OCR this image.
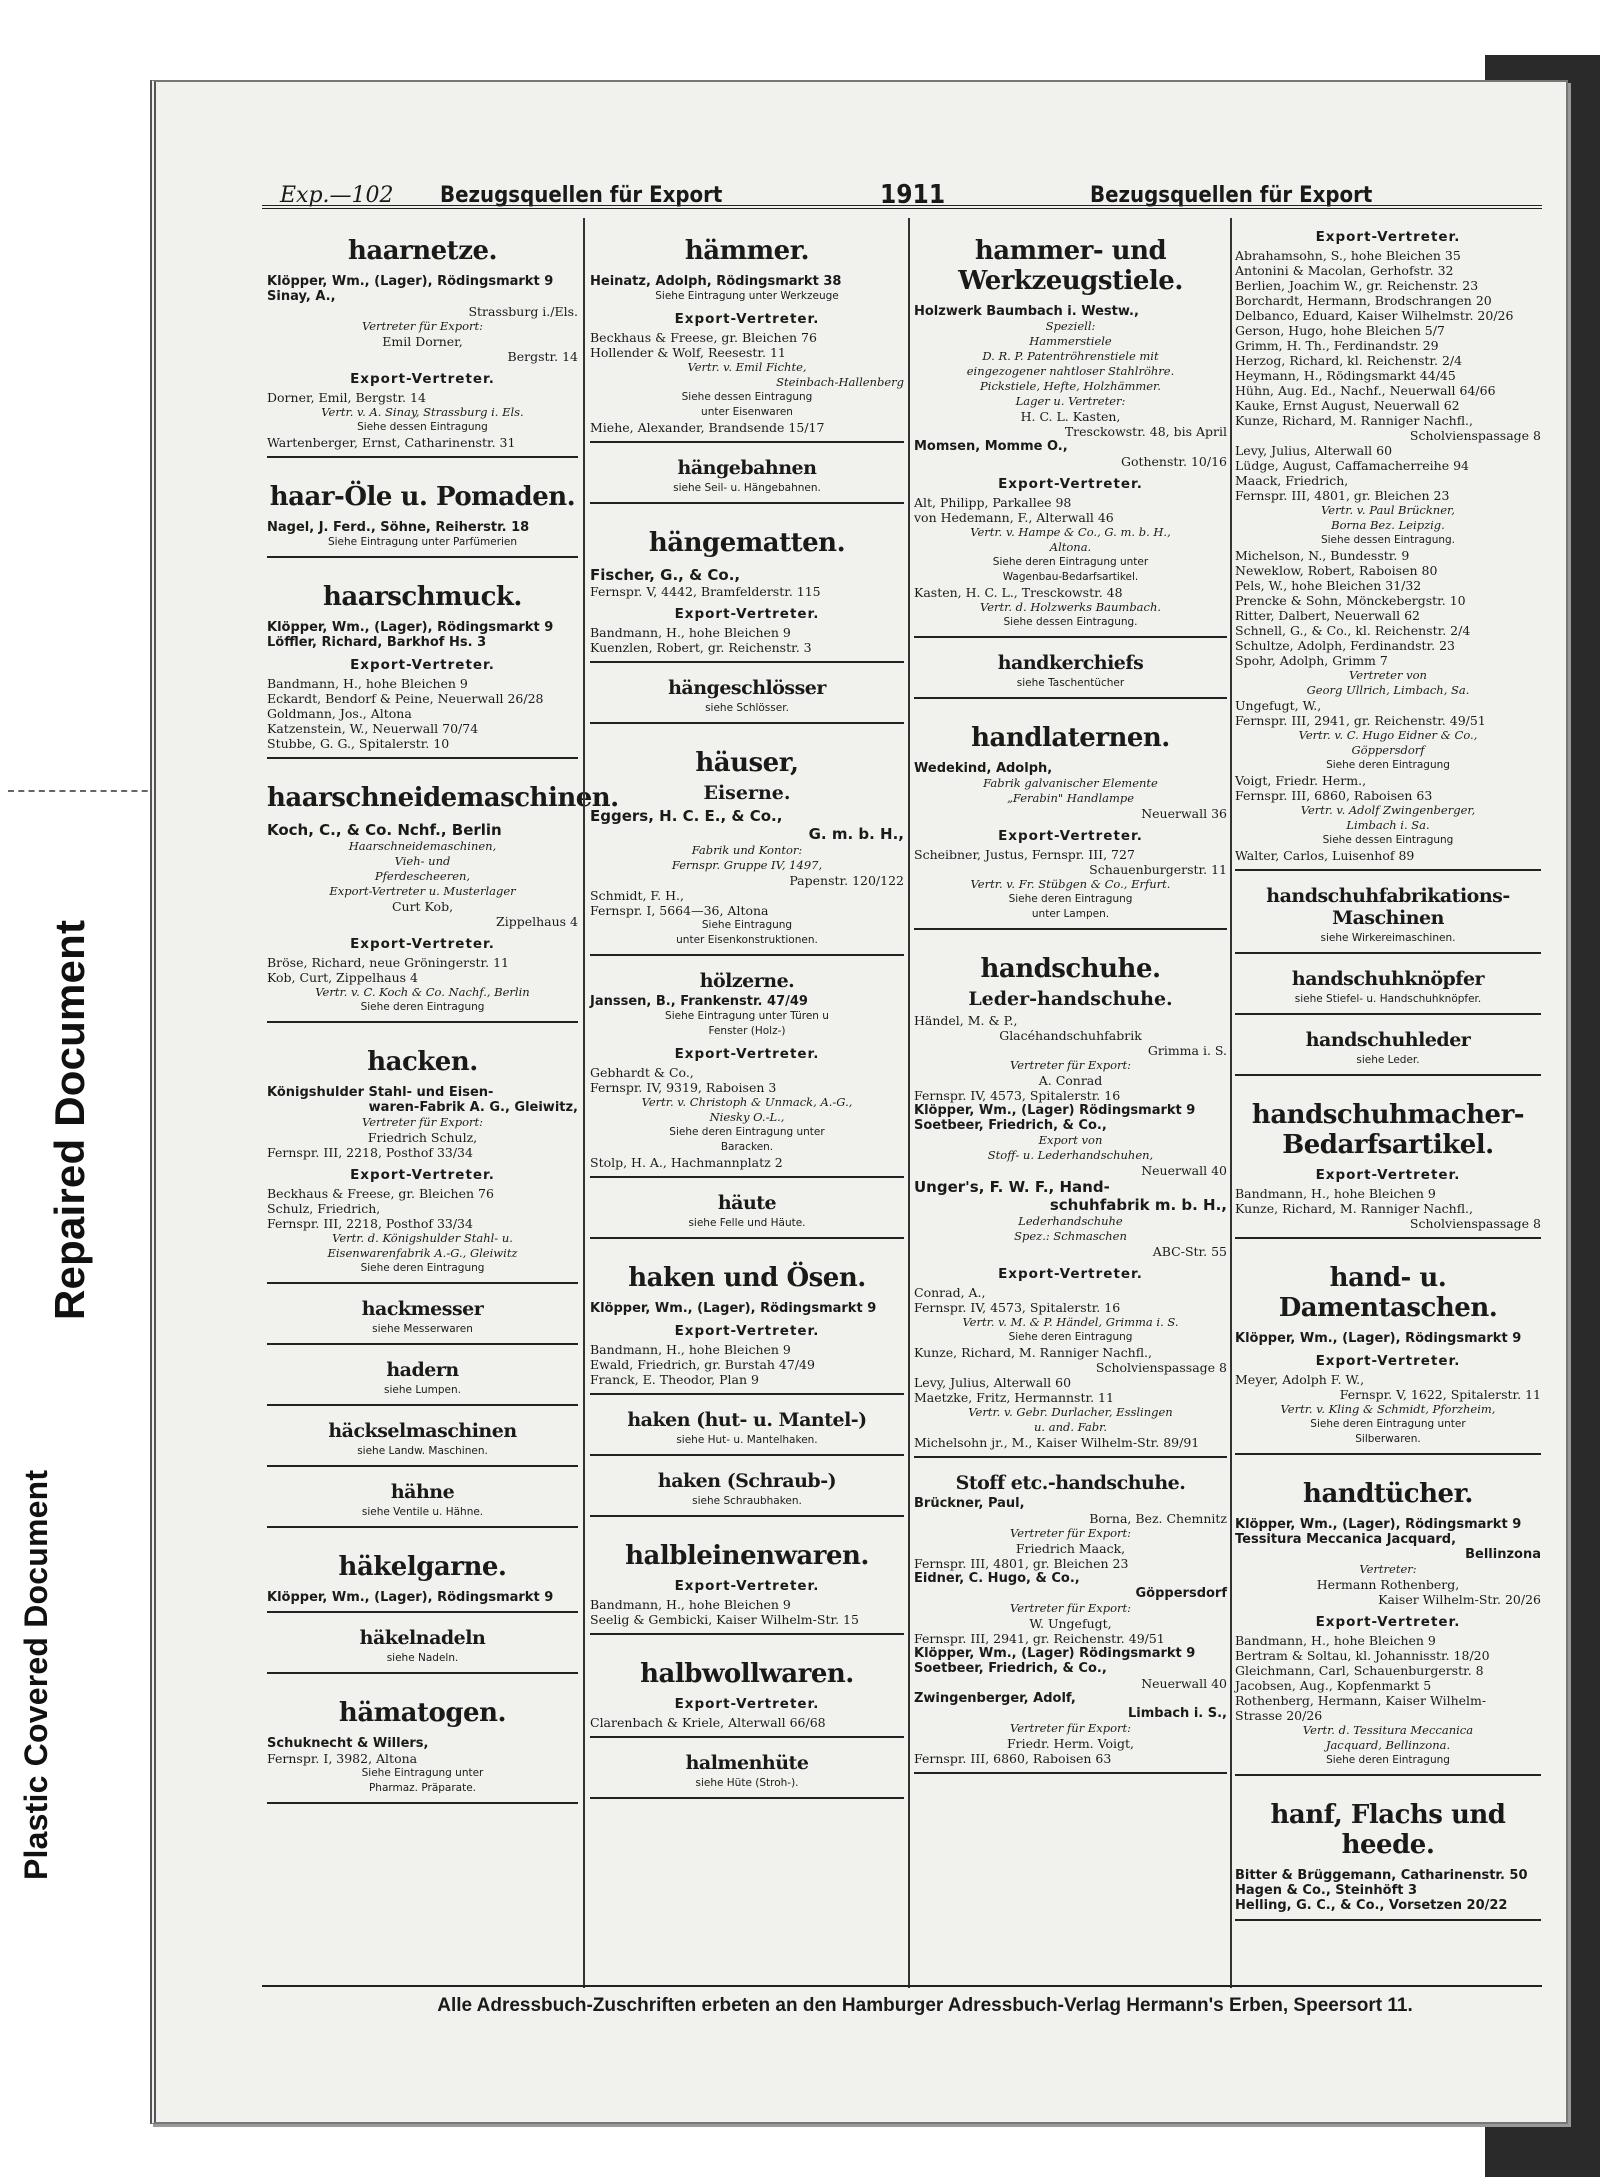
Plastic Covered Document
Repaired Document
Exp.—102	Bezugsquellen für Export	1911	Bezugsquellen für Export
haarnetze.
Klöpper, Wm., (Lager), Rödingsmarkt 9
Sinay, A.,
Strassburg i./Els.
Vertreter für Export:
Emil Dorner,
Bergstr. 14
Export-Vertreter.
Dorner, Emil, Bergstr. 14
Vertr. v. A. Sinay, Strassburg i. Els.
Siehe dessen Eintragung
Wartenberger, Ernst, Catharinenstr. 31
haar-Öle u. Pomaden.
Nagel, J. Ferd., Söhne, Reiherstr. 18
Siehe Eintragung unter Parfümerien
haarschmuck.
Klöpper, Wm., (Lager), Rödingsmarkt 9
Löffler, Richard, Barkhof Hs. 3
Export-Vertreter.
Bandmann, H., hohe Bleichen 9
Eckardt, Bendorf & Peine, Neuerwall 26/28
Goldmann, Jos., Altona
Katzenstein, W., Neuerwall 70/74
Stubbe, G. G., Spitalerstr. 10
haarschneidemaschinen.
Koch, C., & Co. Nchf., Berlin
Haarschneidemaschinen,
Vieh- und
Pferdescheeren,
Export-Vertreter u. Musterlager
Curt Kob,
Zippelhaus 4
Export-Vertreter.
Bröse, Richard, neue Gröningerstr. 11
Kob, Curt, Zippelhaus 4
Vertr. v. C. Koch & Co. Nachf., Berlin
Siehe deren Eintragung
hacken.
Königshulder Stahl- und Eisen-
waren-Fabrik A. G., Gleiwitz,
Vertreter für Export:
Friedrich Schulz,
Fernspr. III, 2218, Posthof 33/34
Export-Vertreter.
Beckhaus & Freese, gr. Bleichen 76
Schulz, Friedrich,
Fernspr. III, 2218, Posthof 33/34
Vertr. d. Königshulder Stahl- u.
Eisenwarenfabrik A.-G., Gleiwitz
Siehe deren Eintragung
hackmesser
siehe Messerwaren
hadern
siehe Lumpen.
häckselmaschinen
siehe Landw. Maschinen.
hähne
siehe Ventile u. Hähne.
häkelgarne.
Klöpper, Wm., (Lager), Rödingsmarkt 9
häkelnadeln
siehe Nadeln.
hämatogen.
Schuknecht & Willers,
Fernspr. I, 3982, Altona
Siehe Eintragung unter
Pharmaz. Präparate.
hämmer.
Heinatz, Adolph, Rödingsmarkt 38
Siehe Eintragung unter Werkzeuge
Export-Vertreter.
Beckhaus & Freese, gr. Bleichen 76
Hollender & Wolf, Reesestr. 11
Vertr. v. Emil Fichte,
Steinbach-Hallenberg
Siehe dessen Eintragung
unter Eisenwaren
Miehe, Alexander, Brandsende 15/17
hängebahnen
siehe Seil- u. Hängebahnen.
hängematten.
Fischer, G., & Co.,
Fernspr. V, 4442, Bramfelderstr. 115
Export-Vertreter.
Bandmann, H., hohe Bleichen 9
Kuenzlen, Robert, gr. Reichenstr. 3
hängeschlösser
siehe Schlösser.
häuser,
Eiserne.
Eggers, H. C. E., & Co.,
G. m. b. H.,
Fabrik und Kontor:
Fernspr. Gruppe IV, 1497,
Papenstr. 120/122
Schmidt, F. H.,
Fernspr. I, 5664—36, Altona
Siehe Eintragung
unter Eisenkonstruktionen.
hölzerne.
Janssen, B., Frankenstr. 47/49
Siehe Eintragung unter Türen u
Fenster (Holz-)
Export-Vertreter.
Gebhardt & Co.,
Fernspr. IV, 9319, Raboisen 3
Vertr. v. Christoph & Unmack, A.-G.,
Niesky O.-L.,
Siehe deren Eintragung unter
Baracken.
Stolp, H. A., Hachmannplatz 2
häute
siehe Felle und Häute.
haken und Ösen.
Klöpper, Wm., (Lager), Rödingsmarkt 9
Export-Vertreter.
Bandmann, H., hohe Bleichen 9
Ewald, Friedrich, gr. Burstah 47/49
Franck, E. Theodor, Plan 9
haken (hut- u. Mantel-)
siehe Hut- u. Mantelhaken.
haken (Schraub-)
siehe Schraubhaken.
halbleinenwaren.
Export-Vertreter.
Bandmann, H., hohe Bleichen 9
Seelig & Gembicki, Kaiser Wilhelm-Str. 15
halbwollwaren.
Export-Vertreter.
Clarenbach & Kriele, Alterwall 66/68
halmenhüte
siehe Hüte (Stroh-).
hammer- und Werkzeugstiele.
Holzwerk Baumbach i. Westw.,
Speziell:
Hammerstiele
D. R. P. Patentröhrenstiele mit
eingezogener nahtloser Stahlröhre.
Pickstiele, Hefte, Holzhämmer.
Lager u. Vertreter:
H. C. L. Kasten,
Tresckowstr. 48, bis April
Momsen, Momme O.,
Gothenstr. 10/16
Export-Vertreter.
Alt, Philipp, Parkallee 98
von Hedemann, F., Alterwall 46
Vertr. v. Hampe & Co., G. m. b. H.,
Altona.
Siehe deren Eintragung unter
Wagenbau-Bedarfsartikel.
Kasten, H. C. L., Tresckowstr. 48
Vertr. d. Holzwerks Baumbach.
Siehe dessen Eintragung.
handkerchiefs
siehe Taschentücher
handlaternen.
Wedekind, Adolph,
Fabrik galvanischer Elemente
„Ferabin" Handlampe
Neuerwall 36
Export-Vertreter.
Scheibner, Justus, Fernspr. III, 727
Schauenburgerstr. 11
Vertr. v. Fr. Stübgen & Co., Erfurt.
Siehe deren Eintragung
unter Lampen.
handschuhe.
Leder-handschuhe.
Händel, M. & P.,
Glacéhandschuhfabrik
Grimma i. S.
Vertreter für Export:
A. Conrad
Fernspr. IV, 4573, Spitalerstr. 16
Klöpper, Wm., (Lager) Rödingsmarkt 9
Soetbeer, Friedrich, & Co.,
Export von
Stoff- u. Lederhandschuhen,
Neuerwall 40
Unger's, F. W. F., Hand-
schuhfabrik m. b. H.,
Lederhandschuhe
Spez.: Schmaschen
ABC-Str. 55
Export-Vertreter.
Conrad, A.,
Fernspr. IV, 4573, Spitalerstr. 16
Vertr. v. M. & P. Händel, Grimma i. S.
Siehe deren Eintragung
Kunze, Richard, M. Ranniger Nachfl.,
Scholvienspassage 8
Levy, Julius, Alterwall 60
Maetzke, Fritz, Hermannstr. 11
Vertr. v. Gebr. Durlacher, Esslingen
u. and. Fabr.
Michelsohn jr., M., Kaiser Wilhelm-Str. 89/91
Stoff etc.-handschuhe.
Brückner, Paul,
Borna, Bez. Chemnitz
Vertreter für Export:
Friedrich Maack,
Fernspr. III, 4801, gr. Bleichen 23
Eidner, C. Hugo, & Co.,
Göppersdorf
Vertreter für Export:
W. Ungefugt,
Fernspr. III, 2941, gr. Reichenstr. 49/51
Klöpper, Wm., (Lager) Rödingsmarkt 9
Soetbeer, Friedrich, & Co.,
Neuerwall 40
Zwingenberger, Adolf,
Limbach i. S.,
Vertreter für Export:
Friedr. Herm. Voigt,
Fernspr. III, 6860, Raboisen 63
Export-Vertreter.
Abrahamsohn, S., hohe Bleichen 35
Antonini & Macolan, Gerhofstr. 32
Berlien, Joachim W., gr. Reichenstr. 23
Borchardt, Hermann, Brodschrangen 20
Delbanco, Eduard, Kaiser Wilhelmstr. 20/26
Gerson, Hugo, hohe Bleichen 5/7
Grimm, H. Th., Ferdinandstr. 29
Herzog, Richard, kl. Reichenstr. 2/4
Heymann, H., Rödingsmarkt 44/45
Hühn, Aug. Ed., Nachf., Neuerwall 64/66
Kauke, Ernst August, Neuerwall 62
Kunze, Richard, M. Ranniger Nachfl.,
Scholvienspassage 8
Levy, Julius, Alterwall 60
Lüdge, August, Caffamacherreihe 94
Maack, Friedrich,
Fernspr. III, 4801, gr. Bleichen 23
Vertr. v. Paul Brückner,
Borna Bez. Leipzig.
Siehe dessen Eintragung.
Michelson, N., Bundesstr. 9
Neweklow, Robert, Raboisen 80
Pels, W., hohe Bleichen 31/32
Prencke & Sohn, Mönckebergstr. 10
Ritter, Dalbert, Neuerwall 62
Schnell, G., & Co., kl. Reichenstr. 2/4
Schultze, Adolph, Ferdinandstr. 23
Spohr, Adolph, Grimm 7
Vertreter von
Georg Ullrich, Limbach, Sa.
Ungefugt, W.,
Fernspr. III, 2941, gr. Reichenstr. 49/51
Vertr. v. C. Hugo Eidner & Co.,
Göppersdorf
Siehe deren Eintragung
Voigt, Friedr. Herm.,
Fernspr. III, 6860, Raboisen 63
Vertr. v. Adolf Zwingenberger,
Limbach i. Sa.
Siehe dessen Eintragung
Walter, Carlos, Luisenhof 89
handschuhfabrikations-Maschinen
siehe Wirkereimaschinen.
handschuhknöpfer
siehe Stiefel- u. Handschuhknöpfer.
handschuhleder
siehe Leder.
handschuhmacher-Bedarfsartikel.
Export-Vertreter.
Bandmann, H., hohe Bleichen 9
Kunze, Richard, M. Ranniger Nachfl.,
Scholvienspassage 8
hand- u. Damentaschen.
Klöpper, Wm., (Lager), Rödingsmarkt 9
Export-Vertreter.
Meyer, Adolph F. W.,
Fernspr. V, 1622, Spitalerstr. 11
Vertr. v. Kling & Schmidt, Pforzheim,
Siehe deren Eintragung unter
Silberwaren.
handtücher.
Klöpper, Wm., (Lager), Rödingsmarkt 9
Tessitura Meccanica Jacquard,
Bellinzona
Vertreter:
Hermann Rothenberg,
Kaiser Wilhelm-Str. 20/26
Export-Vertreter.
Bandmann, H., hohe Bleichen 9
Bertram & Soltau, kl. Johannisstr. 18/20
Gleichmann, Carl, Schauenburgerstr. 8
Jacobsen, Aug., Kopfenmarkt 5
Rothenberg, Hermann, Kaiser Wilhelm-
Strasse 20/26
Vertr. d. Tessitura Meccanica
Jacquard, Bellinzona.
Siehe deren Eintragung
hanf, Flachs und heede.
Bitter & Brüggemann, Catharinenstr. 50
Hagen & Co., Steinhöft 3
Helling, G. C., & Co., Vorsetzen 20/22
Alle Adressbuch-Zuschriften erbeten an den Hamburger Adressbuch-Verlag Hermann's Erben, Speersort 11.
